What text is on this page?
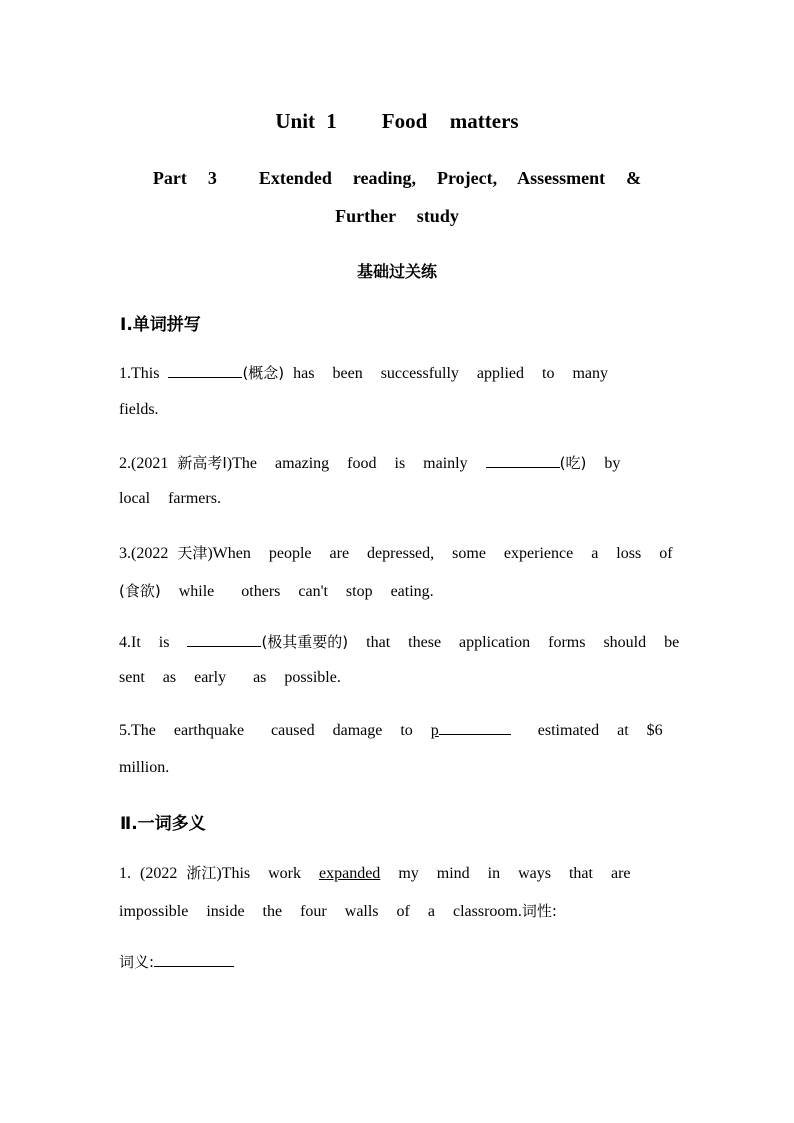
Unit 1    Food  matters
Part  3    Extended  reading,  Project,  Assessment  &
Further  study
基础过关练
Ⅰ.单词拼写
1.This	(概念) has  been  successfully  applied  to  many
fields.
2.(2021 新高考Ⅰ)The  amazing  food  is  mainly	(吃)  by
local  farmers.
3.(2022 天津)When  people  are  depressed,  some  experience  a  loss  of
(食欲)  while   others  can't  stop  eating.
4.It  is	(极其重要的)  that  these  application  forms  should  be
sent  as  early   as  possible.
5.The  earthquake   caused  damage  to  p	estimated  at  $6
million.
Ⅱ.一词多义
1. (2022 浙江)This  work  expanded  my  mind  in  ways  that  are
impossible  inside  the  four  walls  of  a  classroom.词性:
词义:
